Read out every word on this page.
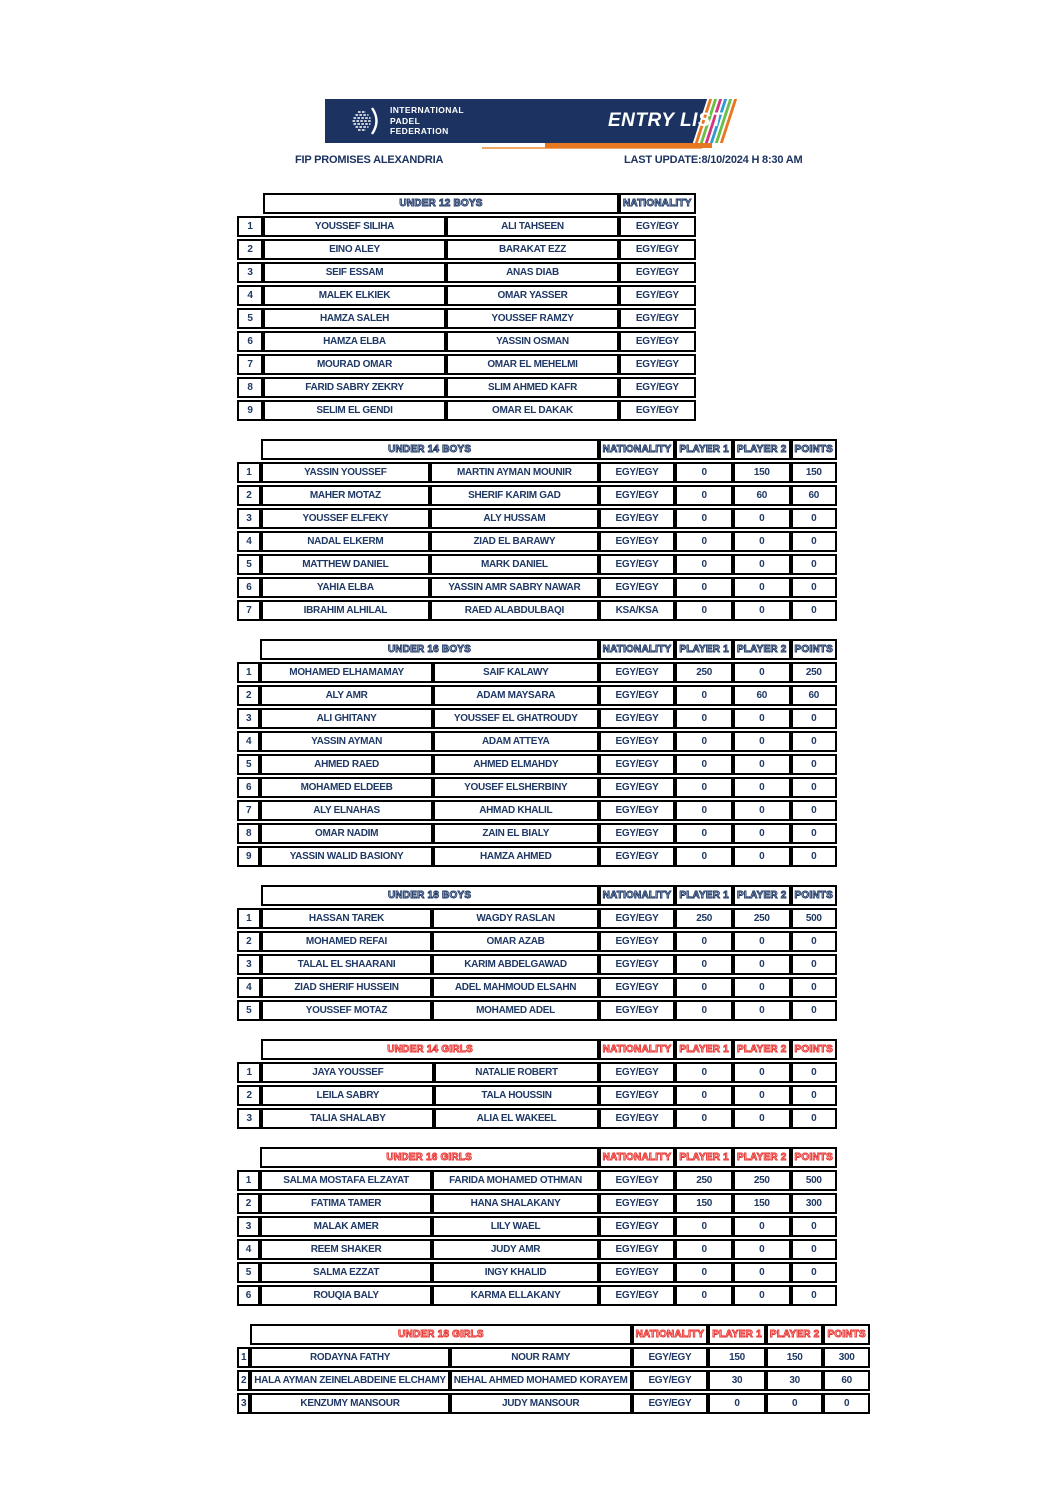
INTERNATIONAL
PADEL
FEDERATION
ENTRY LIST
FIP PROMISES ALEXANDRIA	LAST UPDATE:8/10/2024 H 8:30 AM
	UNDER 12 BOYS		NATIONALITY
1	YOUSSEF SILIHA	ALI TAHSEEN	EGY/EGY
2	EINO ALEY	BARAKAT EZZ	EGY/EGY
3	SEIF ESSAM	ANAS DIAB	EGY/EGY
4	MALEK ELKIEK	OMAR YASSER	EGY/EGY
5	HAMZA SALEH	YOUSSEF RAMZY	EGY/EGY
6	HAMZA ELBA	YASSIN OSMAN	EGY/EGY
7	MOURAD OMAR	OMAR EL MEHELMI	EGY/EGY
8	FARID SABRY ZEKRY	SLIM AHMED KAFR	EGY/EGY
9	SELIM EL GENDI	OMAR EL DAKAK	EGY/EGY
	UNDER 14 BOYS		NATIONALITY	PLAYER 1	PLAYER 2	POINTS
1	YASSIN YOUSSEF	MARTIN AYMAN MOUNIR	EGY/EGY	0	150	150
2	MAHER MOTAZ	SHERIF KARIM GAD	EGY/EGY	0	60	60
3	YOUSSEF ELFEKY	ALY HUSSAM	EGY/EGY	0	0	0
4	NADAL ELKERM	ZIAD EL BARAWY	EGY/EGY	0	0	0
5	MATTHEW DANIEL	MARK DANIEL	EGY/EGY	0	0	0
6	YAHIA ELBA	YASSIN AMR SABRY NAWAR	EGY/EGY	0	0	0
7	IBRAHIM ALHILAL	RAED ALABDULBAQI	KSA/KSA	0	0	0
	UNDER 16 BOYS		NATIONALITY	PLAYER 1	PLAYER 2	POINTS
1	MOHAMED ELHAMAMAY	SAIF KALAWY	EGY/EGY	250	0	250
2	ALY AMR	ADAM MAYSARA	EGY/EGY	0	60	60
3	ALI GHITANY	YOUSSEF EL GHATROUDY	EGY/EGY	0	0	0
4	YASSIN AYMAN	ADAM ATTEYA	EGY/EGY	0	0	0
5	AHMED RAED	AHMED ELMAHDY	EGY/EGY	0	0	0
6	MOHAMED ELDEEB	YOUSEF ELSHERBINY	EGY/EGY	0	0	0
7	ALY ELNAHAS	AHMAD KHALIL	EGY/EGY	0	0	0
8	OMAR NADIM	ZAIN EL BIALY	EGY/EGY	0	0	0
9	YASSIN WALID BASIONY	HAMZA AHMED	EGY/EGY	0	0	0
	UNDER 18 BOYS		NATIONALITY	PLAYER 1	PLAYER 2	POINTS
1	HASSAN TAREK	WAGDY RASLAN	EGY/EGY	250	250	500
2	MOHAMED REFAI	OMAR AZAB	EGY/EGY	0	0	0
3	TALAL EL SHAARANI	KARIM ABDELGAWAD	EGY/EGY	0	0	0
4	ZIAD SHERIF HUSSEIN	ADEL MAHMOUD ELSAHN	EGY/EGY	0	0	0
5	YOUSSEF MOTAZ	MOHAMED ADEL	EGY/EGY	0	0	0
	UNDER 14 GIRLS		NATIONALITY	PLAYER 1	PLAYER 2	POINTS
1	JAYA YOUSSEF	NATALIE ROBERT	EGY/EGY	0	0	0
2	LEILA SABRY	TALA HOUSSIN	EGY/EGY	0	0	0
3	TALIA SHALABY	ALIA EL WAKEEL	EGY/EGY	0	0	0
	UNDER 16 GIRLS		NATIONALITY	PLAYER 1	PLAYER 2	POINTS
1	SALMA MOSTAFA ELZAYAT	FARIDA MOHAMED OTHMAN	EGY/EGY	250	250	500
2	FATIMA TAMER	HANA SHALAKANY	EGY/EGY	150	150	300
3	MALAK AMER	LILY WAEL	EGY/EGY	0	0	0
4	REEM SHAKER	JUDY AMR	EGY/EGY	0	0	0
5	SALMA EZZAT	INGY KHALID	EGY/EGY	0	0	0
6	ROUQIA BALY	KARMA ELLAKANY	EGY/EGY	0	0	0
	UNDER 18 GIRLS		NATIONALITY	PLAYER 1	PLAYER 2	POINTS
1	RODAYNA FATHY	NOUR RAMY	EGY/EGY	150	150	300
2	HALA AYMAN ZEINELABDEINE ELCHAMY	NEHAL AHMED MOHAMED KORAYEM	EGY/EGY	30	30	60
3	KENZUMY MANSOUR	JUDY MANSOUR	EGY/EGY	0	0	0
